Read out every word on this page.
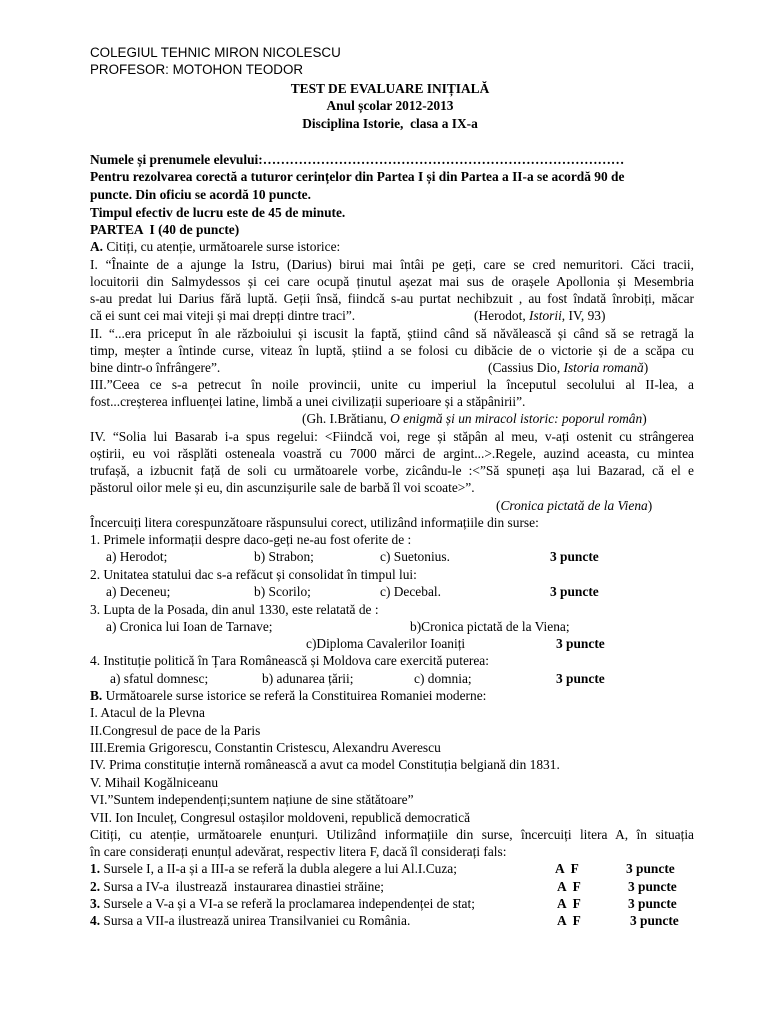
COLEGIUL TEHNIC MIRON NICOLESCU
PROFESOR: MOTOHON TEODOR
TEST DE EVALUARE INIȚIALĂ
Anul școlar 2012-2013
Disciplina Istorie,  clasa a IX-a
Numele și prenumele elevului:………………………………………………………………………
Pentru rezolvarea corectă a tuturor cerințelor din Partea I și din Partea a II-a se acordă 90 de
puncte. Din oficiu se acordă 10 puncte.
Timpul efectiv de lucru este de 45 de minute.
PARTEA  I (40 de puncte)
A. Citiți, cu atenție, următoarele surse istorice:
I. “Înainte de a ajunge la Istru, (Darius) birui mai întâi pe geți, care se cred nemuritori. Căci tracii,
locuitorii din Salmydessos și cei care ocupă ținutul așezat mai sus de orașele Apollonia și Mesembria
s-au predat lui Darius fără luptă. Geții însă, fiindcă s-au purtat nechibzuit , au fost îndată înrobiți, măcar
că ei sunt cei mai viteji și mai drepți dintre traci”.	(Herodot, Istorii, IV, 93)
II. “...era priceput în ale războiului și iscusit la faptă, știind când să năvălească și când să se retragă la
timp, meșter a întinde curse, viteaz în luptă, știind a se folosi cu dibăcie de o victorie și de a scăpa cu
bine dintr-o înfrângere”.	(Cassius Dio, Istoria romană)
III.”Ceea ce s-a petrecut în noile provincii, unite cu imperiul la începutul secolului al II-lea, a
fost...creșterea influenței latine, limbă a unei civilizații superioare și a stăpânirii”.
(Gh. I.Brătianu, O enigmă și un miracol istoric: poporul român)
IV. “Solia lui Basarab i-a spus regelui: <Fiindcă voi, rege și stăpân al meu, v-ați ostenit cu strângerea
oștirii, eu voi răsplăti osteneala voastră cu 7000 mărci de argint...>.Regele, auzind aceasta, cu mintea
trufașă, a izbucnit față de soli cu următoarele vorbe, zicându-le :<”Să spuneți așa lui Bazarad, că el e
păstorul oilor mele și eu, din ascunzișurile sale de barbă îl voi scoate>”.
(Cronica pictată de la Viena)
Încercuiți litera corespunzătoare răspunsului corect, utilizând informațiile din surse:
1. Primele informații despre daco-geți ne-au fost oferite de :
a) Herodot;	b) Strabon;	c) Suetonius.	3 puncte
2. Unitatea statului dac s-a refăcut și consolidat în timpul lui:
a) Deceneu;	b) Scorilo;	c) Decebal.	3 puncte
3. Lupta de la Posada, din anul 1330, este relatată de :
a) Cronica lui Ioan de Tarnave;	b)Cronica pictată de la Viena;
c)Diploma Cavalerilor Ioaniți	3 puncte
4. Instituție politică în Țara Românească și Moldova care exercită puterea:
a) sfatul domnesc;	b) adunarea țării;	c) domnia;	3 puncte
B. Următoarele surse istorice se referă la Constituirea Romaniei moderne:
I. Atacul de la Plevna
II.Congresul de pace de la Paris
III.Eremia Grigorescu, Constantin Cristescu, Alexandru Averescu
IV. Prima constituție internă românească a avut ca model Constituția belgiană din 1831.
V. Mihail Kogălniceanu
VI.”Suntem independenți;suntem națiune de sine stătătoare”
VII. Ion Inculeț, Congresul ostașilor moldoveni, republică democratică
Citiți, cu atenție, următoarele enunțuri. Utilizând informațiile din surse, încercuiți litera A, în situația
în care considerați enunțul adevărat, respectiv litera F, dacă îl considerați fals:
1. Sursele I, a II-a și a III-a se referă la dubla alegere a lui Al.I.Cuza;	A  F	3 puncte
2. Sursa a IV-a  ilustrează  instaurarea dinastiei străine;	A  F	3 puncte
3. Sursele a V-a și a VI-a se referă la proclamarea independenței de stat;	A  F	3 puncte
4. Sursa a VII-a ilustrează unirea Transilvaniei cu România.	A  F	3 puncte
